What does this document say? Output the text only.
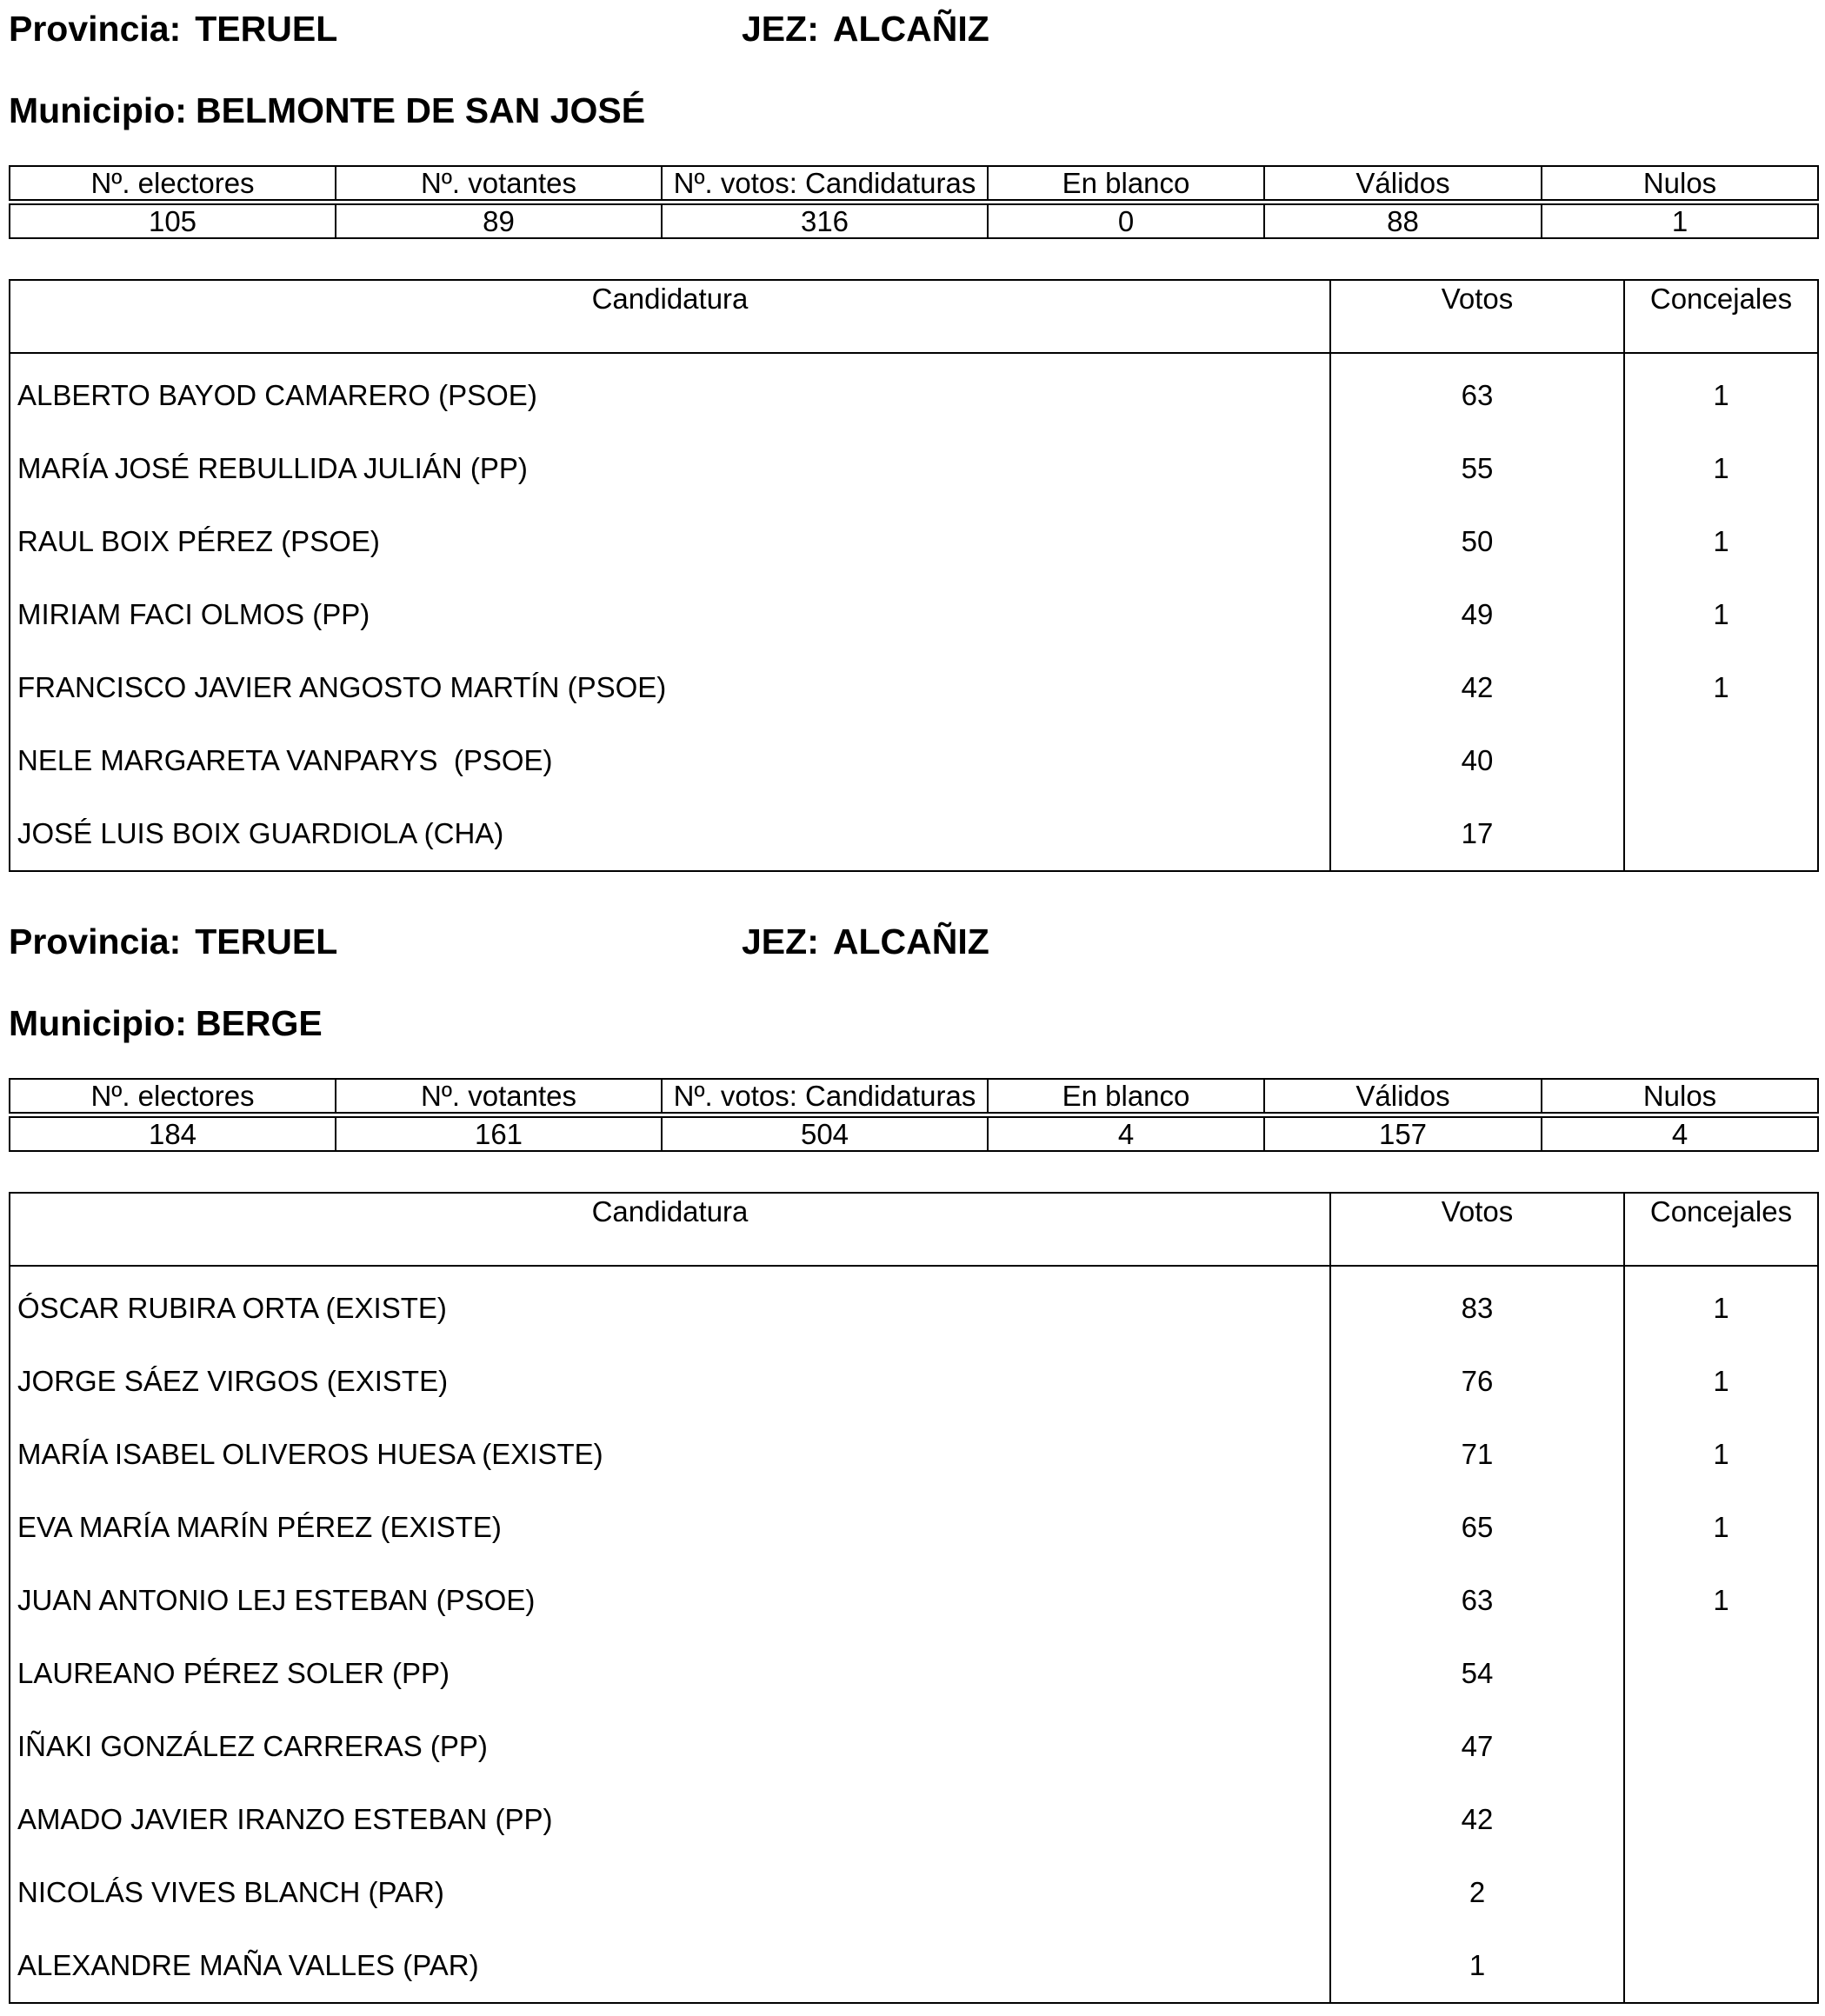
Provincia: TERUEL	JEZ: ALCAÑIZ
Municipio: BELMONTE DE SAN JOSÉ
Nº. electores	Nº. votantes	Nº. votos: Candidaturas	En blanco	Válidos	Nulos

105	89	316	0	88	1
Candidatura	Votos	Concejales
ALBERTO BAYOD CAMARERO (PSOE)	63	1
MARÍA JOSÉ REBULLIDA JULIÁN (PP)	55	1
RAUL BOIX PÉREZ (PSOE)	50	1
MIRIAM FACI OLMOS (PP)	49	1
FRANCISCO JAVIER ANGOSTO MARTÍN (PSOE)	42	1
NELE MARGARETA VANPARYS  (PSOE)	40	
JOSÉ LUIS BOIX GUARDIOLA (CHA)	17	
Provincia: TERUEL	JEZ: ALCAÑIZ
Municipio: BERGE
Nº. electores	Nº. votantes	Nº. votos: Candidaturas	En blanco	Válidos	Nulos

184	161	504	4	157	4
Candidatura	Votos	Concejales
ÓSCAR RUBIRA ORTA (EXISTE)	83	1
JORGE SÁEZ VIRGOS (EXISTE)	76	1
MARÍA ISABEL OLIVEROS HUESA (EXISTE)	71	1
EVA MARÍA MARÍN PÉREZ (EXISTE)	65	1
JUAN ANTONIO LEJ ESTEBAN (PSOE)	63	1
LAUREANO PÉREZ SOLER (PP)	54	
IÑAKI GONZÁLEZ CARRERAS (PP)	47	
AMADO JAVIER IRANZO ESTEBAN (PP)	42	
NICOLÁS VIVES BLANCH (PAR)	2	
ALEXANDRE MAÑA VALLES (PAR)	1	
